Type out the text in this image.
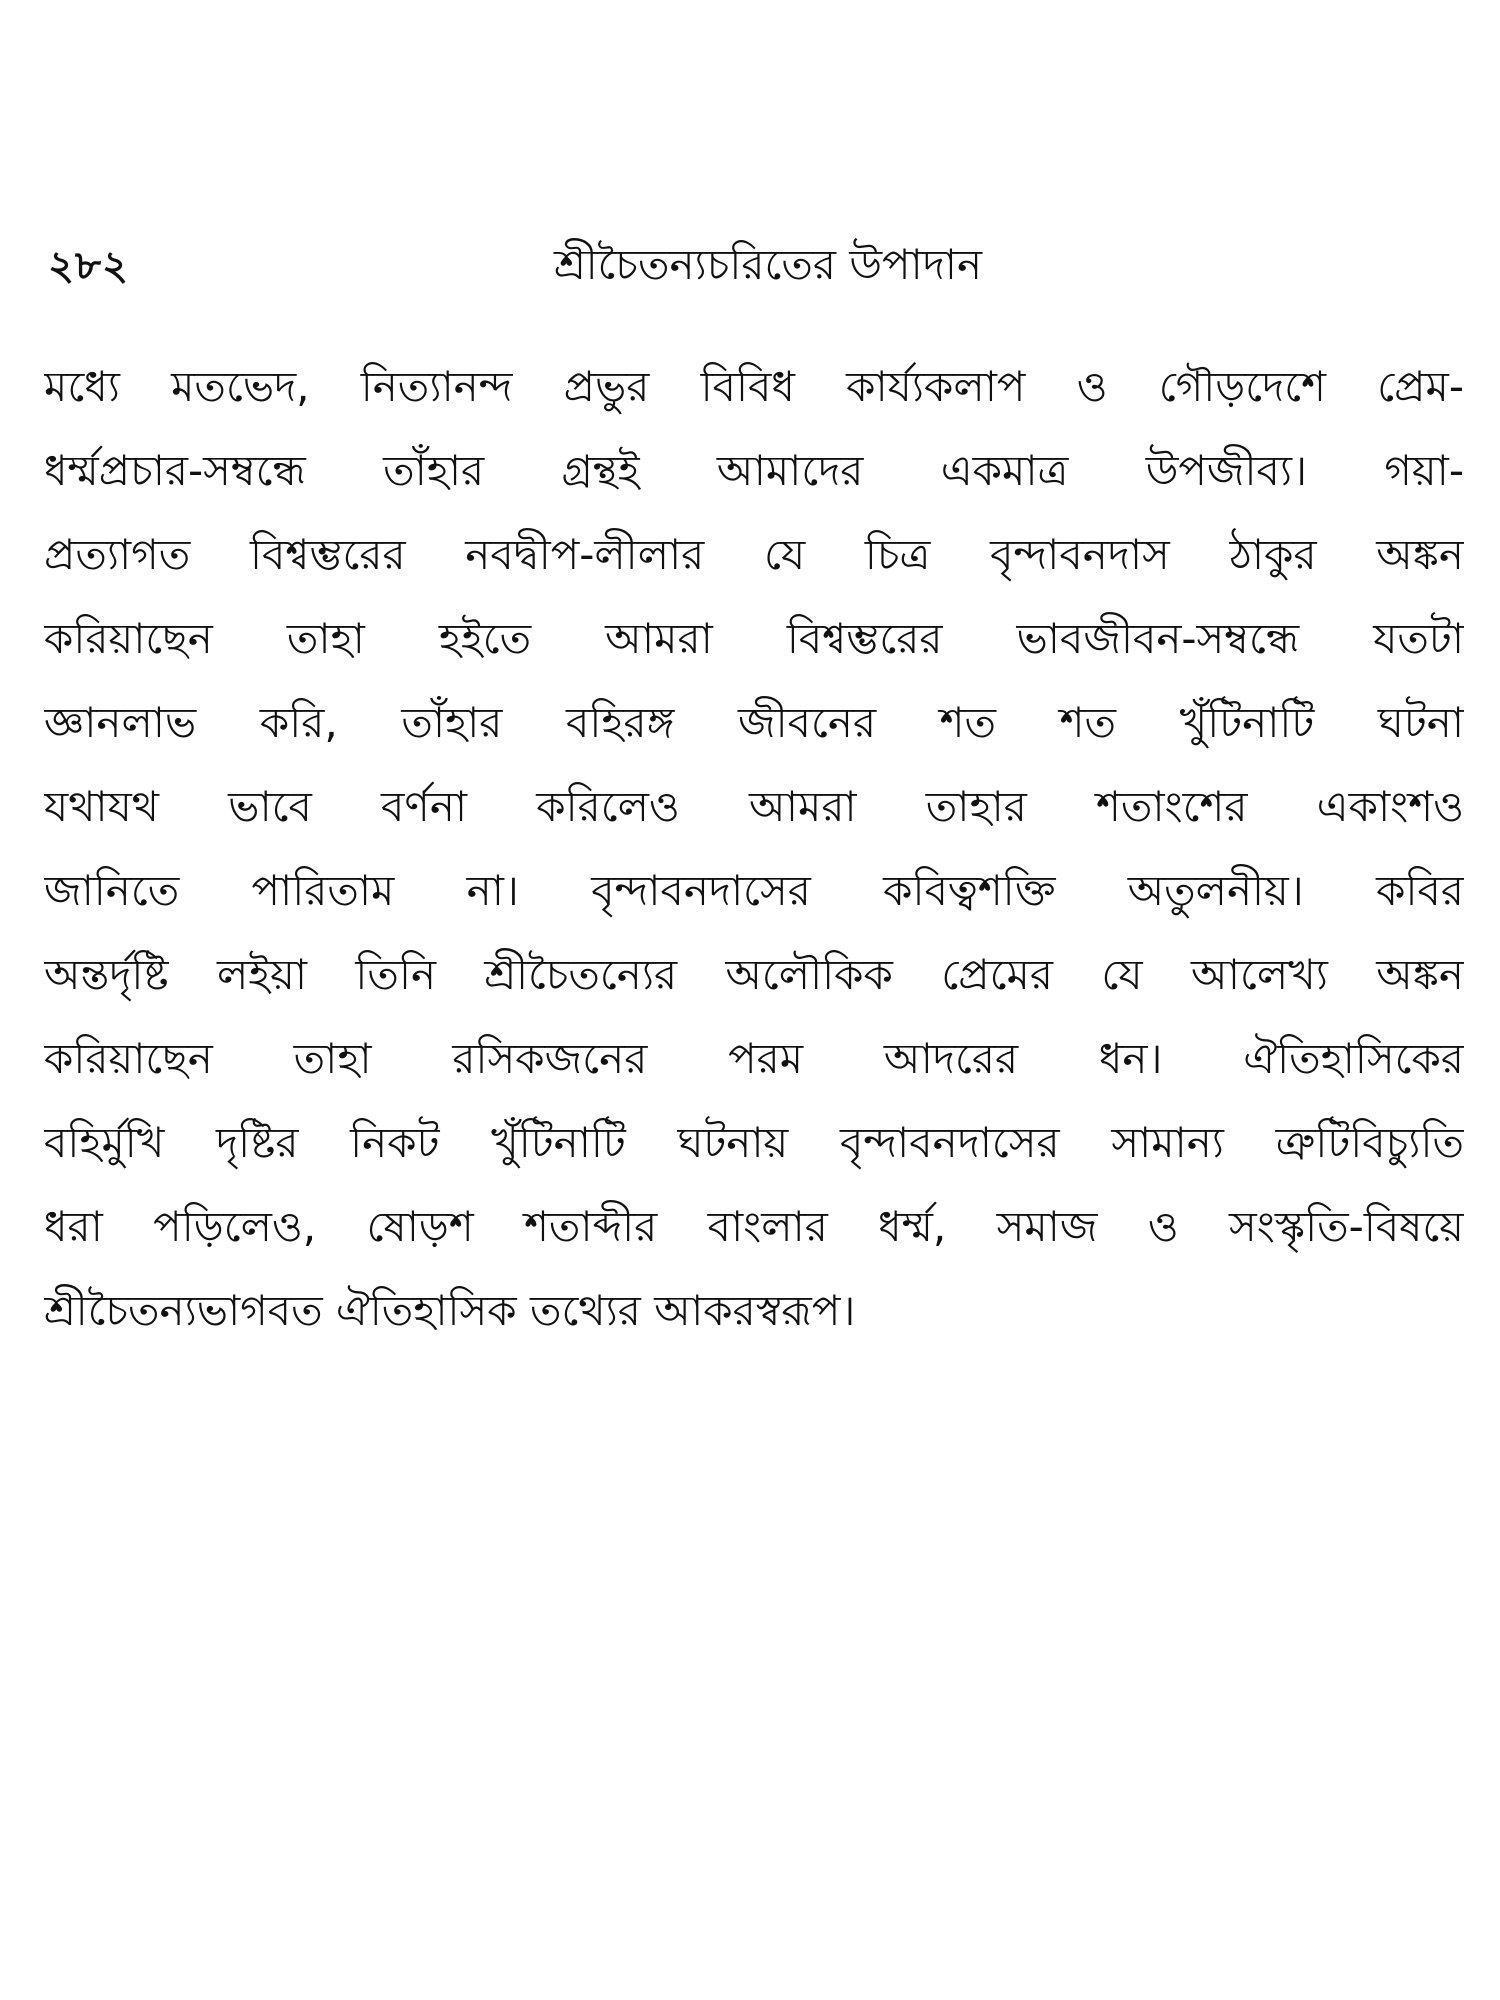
২৮২	শ্রীচৈতন্যচরিতের উপাদান
মধ্যে মতভেদ, নিত্যানন্দ প্রভুর বিবিধ কার্য্যকলাপ ও গৌড়দেশে প্রেম-
ধর্ম্মপ্রচার-সম্বন্ধে তাঁহার গ্রন্থই আমাদের একমাত্র উপজীব্য। গয়া-
প্রত্যাগত বিশ্বম্ভরের নবদ্বীপ-লীলার যে চিত্র বৃন্দাবনদাস ঠাকুর অঙ্কন
করিয়াছেন তাহা হইতে আমরা বিশ্বম্ভরের ভাবজীবন-সম্বন্ধে যতটা
জ্ঞানলাভ করি, তাঁহার বহিরঙ্গ জীবনের শত শত খুঁটিনাটি ঘটনা
যথাযথ ভাবে বর্ণনা করিলেও আমরা তাহার শতাংশের একাংশও
জানিতে পারিতাম না। বৃন্দাবনদাসের কবিত্বশক্তি অতুলনীয়। কবির
অন্তর্দৃষ্টি লইয়া তিনি শ্রীচৈতন্যের অলৌকিক প্রেমের যে আলেখ্য অঙ্কন
করিয়াছেন তাহা রসিকজনের পরম আদরের ধন। ঐতিহাসিকের
বহির্মুখি দৃষ্টির নিকট খুঁটিনাটি ঘটনায় বৃন্দাবনদাসের সামান্য ত্রুটিবিচ্যুতি
ধরা পড়িলেও, ষোড়শ শতাব্দীর বাংলার ধর্ম্ম, সমাজ ও সংস্কৃতি-বিষয়ে
শ্রীচৈতন্যভাগবত ঐতিহাসিক তথ্যের আকরস্বরূপ।
